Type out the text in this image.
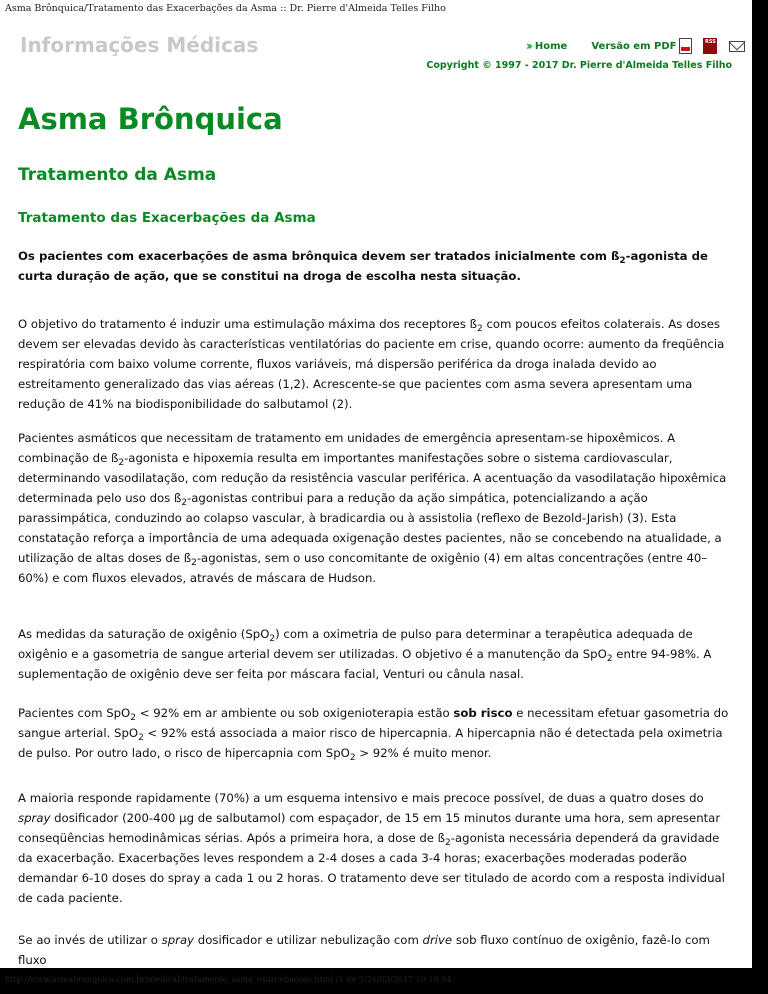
Asma Brônquica/Tratamento das Exacerbações da Asma :: Dr. Pierre d'Almeida Telles Filho
Informações Médicas	›› Home Versão em PDF	RSS
Copyright © 1997 - 2017 Dr. Pierre d'Almeida Telles Filho
Asma Brônquica
Tratamento da Asma
Tratamento das Exacerbações da Asma
Os pacientes com exacerbações de asma brônquica devem ser tratados inicialmente com $ß_2$-agonista de curta duração de ação, que se constitui na droga de escolha nesta situação.
O objetivo do tratamento é induzir uma estimulação máxima dos receptores $ß_2$ com poucos efeitos colaterais. As doses devem ser elevadas devido às características ventilatórias do paciente em crise, quando ocorre: aumento da freqüência respiratória com baixo volume corrente, fluxos variáveis, má dispersão periférica da droga inalada devido ao estreitamento generalizado das vias aéreas (1,2). Acrescente-se que pacientes com asma severa apresentam uma redução de 41% na biodisponibilidade do salbutamol (2).
Pacientes asmáticos que necessitam de tratamento em unidades de emergência apresentam-se hipoxêmicos. A combinação de $ß_2$-agonista e hipoxemia resulta em importantes manifestações sobre o sistema cardiovascular, determinando vasodilatação, com redução da resistência vascular periférica. A acentuação da vasodilatação hipoxêmica determinada pelo uso dos $ß_2$-agonistas contribui para a redução da ação simpática, potencializando a ação parassimpática, conduzindo ao colapso vascular, à bradicardia ou à assistolia (reflexo de Bezold-Jarish) (3). Esta constatação reforça a importância de uma adequada oxigenação destes pacientes, não se concebendo na atualidade, a utilização de altas doses de $ß_2$-agonistas, sem o uso concomitante de oxigênio (4) em altas concentrações (entre 40–60%) e com fluxos elevados, através de máscara de Hudson.
As medidas da saturação de oxigênio (SpO$_2$) com a oximetria de pulso para determinar a terapêutica adequada de oxigênio e a gasometria de sangue arterial devem ser utilizadas. O objetivo é a manutenção da SpO$_2$ entre 94-98%. A suplementação de oxigênio deve ser feita por máscara facial, Venturi ou cânula nasal.
Pacientes com SpO$_2$ < 92% em ar ambiente ou sob oxigenioterapia estão sob risco e necessitam efetuar gasometria do sangue arterial. SpO$_2$ < 92% está associada a maior risco de hipercapnia. A hipercapnia não é detectada pela oximetria de pulso. Por outro lado, o risco de hipercapnia com SpO$_2$ > 92% é muito menor.
A maioria responde rapidamente (70%) a um esquema intensivo e mais precoce possível, de duas a quatro doses do spray dosificador (200-400 µg de salbutamol) com espaçador, de 15 em 15 minutos durante uma hora, sem apresentar conseqüências hemodinâmicas sérias. Após a primeira hora, a dose de $ß_2$-agonista necessária dependerá da gravidade da exacerbação. Exacerbações leves respondem a 2-4 doses a cada 3-4 horas; exacerbações moderadas poderão demandar 6-10 doses do spray a cada 1 ou 2 horas. O tratamento deve ser titulado de acordo com a resposta individual de cada paciente.
Se ao invés de utilizar o spray dosificador e utilizar nebulização com drive sob fluxo contínuo de oxigênio, fazê-lo com fluxo
http://www.asmabronquica.com.br/medical/tratamento_asma_exarcebacoes.html (1 de 5)26/03/2017 10:18:54
